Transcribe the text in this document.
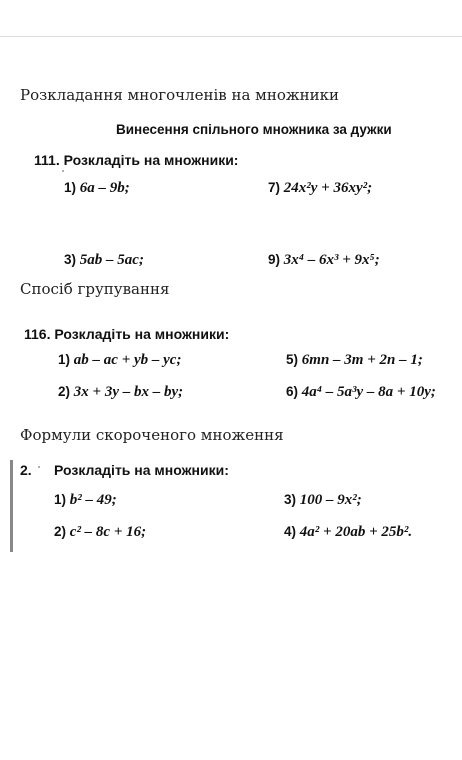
Розкладання многочленів на множники
Винесення спільного множника за дужки
111. Розкладіть на множники:
1) 6a – 9b;	7) 24x²y + 36xy²;
3) 5ab – 5ac;	9) 3x⁴ – 6x³ + 9x⁵;
Спосіб групування
116. Розкладіть на множники:
1) ab – ac + yb – yc;	5) 6mn – 3m + 2n – 1;
2) 3x + 3y – bx – by;	6) 4a⁴ – 5a³y – 8a + 10y;
Формули скороченого множення
2. Розкладіть на множники:
1) b² – 49;	3) 100 – 9x²;
2) c² – 8c + 16;	4) 4a² + 20ab + 25b².
